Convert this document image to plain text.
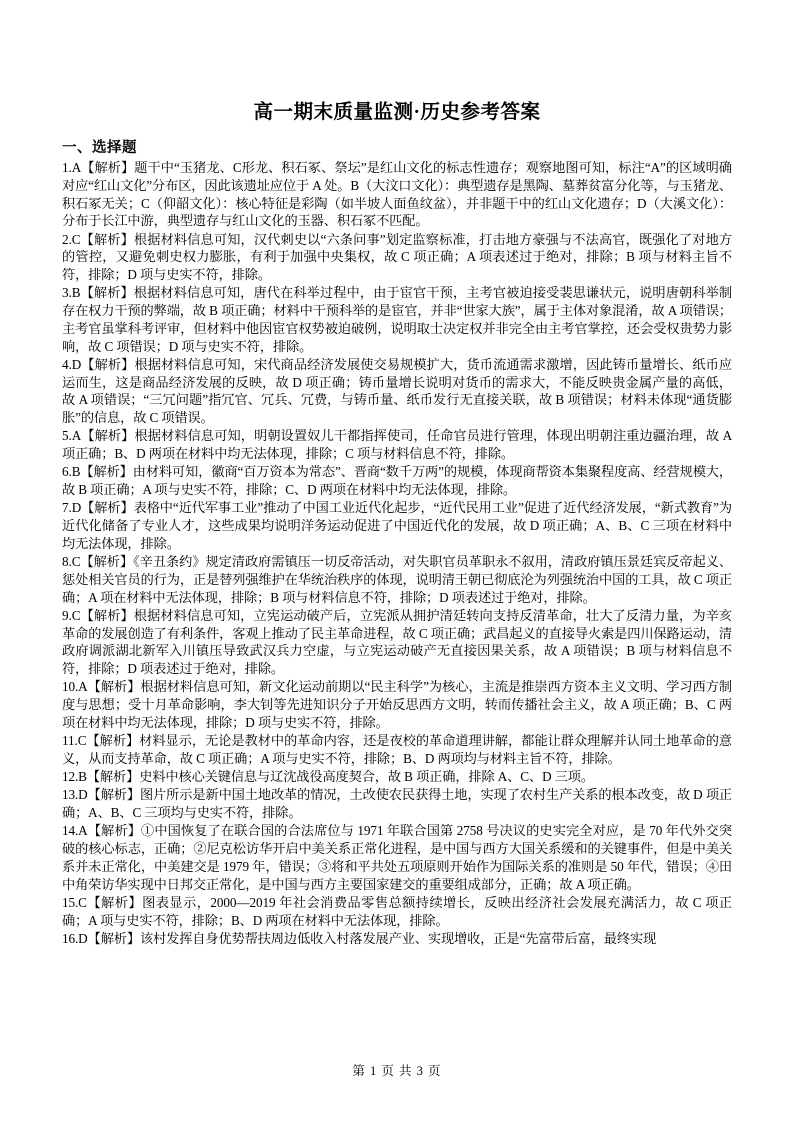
高一期末质量监测·历史参考答案
一、选择题

1.A【解析】题干中“玉猪龙、C形龙、积石冢、祭坛”是红山文化的标志性遗存；观察地图可知，标注“A”的区域明确对应“红山文化”分布区，因此该遗址应位于 A 处。B（大汶口文化）：典型遗存是黑陶、墓葬贫富分化等，与玉猪龙、积石冢无关；C（仰韶文化）：核心特征是彩陶（如半坡人面鱼纹盆），并非题干中的红山文化遗存；D（大溪文化）：分布于长江中游，典型遗存与红山文化的玉器、积石冢不匹配。

2.C【解析】根据材料信息可知，汉代刺史以“六条问事”划定监察标准，打击地方豪强与不法高官，既强化了对地方的管控，又避免刺史权力膨胀，有利于加强中央集权，故 C 项正确；A 项表述过于绝对，排除；B 项与材料主旨不符，排除；D 项与史实不符，排除。

3.B【解析】根据材料信息可知，唐代在科举过程中，由于宦官干预，主考官被迫接受裴思谦状元，说明唐朝科举制存在权力干预的弊端，故 B 项正确；材料中干预科举的是宦官，并非“世家大族”，属于主体对象混淆，故 A 项错误；主考官虽掌科考评审，但材料中他因宦官权势被迫破例，说明取士决定权并非完全由主考官掌控，还会受权贵势力影响，故 C 项错误；D 项与史实不符，排除。

4.D【解析】根据材料信息可知，宋代商品经济发展使交易规模扩大，货币流通需求激增，因此铸币量增长、纸币应运而生，这是商品经济发展的反映，故 D 项正确；铸币量增长说明对货币的需求大，不能反映贵金属产量的高低，故 A 项错误；“三冗问题”指冗官、冗兵、冗费，与铸币量、纸币发行无直接关联，故 B 项错误；材料未体现“通货膨胀”的信息，故 C 项错误。

5.A【解析】根据材料信息可知，明朝设置奴儿干都指挥使司，任命官员进行管理，体现出明朝注重边疆治理，故 A 项正确；B、D 两项在材料中均无法体现，排除；C 项与材料信息不符，排除。

6.B【解析】由材料可知，徽商“百万资本为常态”、晋商“数千万两”的规模，体现商帮资本集聚程度高、经营规模大，故 B 项正确；A 项与史实不符，排除；C、D 两项在材料中均无法体现，排除。

7.D【解析】表格中“近代军事工业”推动了中国工业近代化起步，“近代民用工业”促进了近代经济发展，“新式教育”为近代化储备了专业人才，这些成果均说明洋务运动促进了中国近代化的发展，故 D 项正确；A、B、C 三项在材料中均无法体现，排除。

8.C【解析】《辛丑条约》规定清政府需镇压一切反帝活动，对失职官员革职永不叙用，清政府镇压景廷宾反帝起义、惩处相关官员的行为，正是替列强维护在华统治秩序的体现，说明清王朝已彻底沦为列强统治中国的工具，故 C 项正确；A 项在材料中无法体现，排除；B 项与材料信息不符，排除；D 项表述过于绝对，排除。

9.C【解析】根据材料信息可知，立宪运动破产后，立宪派从拥护清廷转向支持反清革命，壮大了反清力量，为辛亥革命的发展创造了有利条件，客观上推动了民主革命进程，故 C 项正确；武昌起义的直接导火索是四川保路运动，清政府调派湖北新军入川镇压导致武汉兵力空虚，与立宪运动破产无直接因果关系，故 A 项错误；B 项与材料信息不符，排除；D 项表述过于绝对，排除。

10.A【解析】根据材料信息可知，新文化运动前期以“民主科学”为核心，主流是推崇西方资本主义文明、学习西方制度与思想；受十月革命影响，李大钊等先进知识分子开始反思西方文明，转而传播社会主义，故 A 项正确；B、C 两项在材料中均无法体现，排除；D 项与史实不符，排除。

11.C【解析】材料显示，无论是教材中的革命内容，还是夜校的革命道理讲解，都能让群众理解并认同土地革命的意义，从而支持革命，故 C 项正确；A 项与史实不符，排除；B、D 两项均与材料主旨不符，排除。

12.B【解析】史料中核心关键信息与辽沈战役高度契合，故 B 项正确，排除 A、C、D 三项。

13.D【解析】图片所示是新中国土地改革的情况，土改使农民获得土地，实现了农村生产关系的根本改变，故 D 项正确；A、B、C 三项均与史实不符，排除。

14.A【解析】①中国恢复了在联合国的合法席位与 1971 年联合国第 2758 号决议的史实完全对应，是 70 年代外交突破的核心标志，正确；②尼克松访华开启中美关系正常化进程，是中国与西方大国关系缓和的关键事件，但是中美关系并未正常化，中美建交是 1979 年，错误；③将和平共处五项原则开始作为国际关系的准则是 50 年代，错误；④田中角荣访华实现中日邦交正常化，是中国与西方主要国家建交的重要组成部分，正确；故 A 项正确。

15.C【解析】图表显示，2000—2019 年社会消费品零售总额持续增长，反映出经济社会发展充满活力，故 C 项正确；A 项与史实不符，排除；B、D 两项在材料中无法体现，排除。

16.D【解析】该村发挥自身优势帮扶周边低收入村落发展产业、实现增收，正是“先富带后富，最终实现

第 1 页 共 3 页
